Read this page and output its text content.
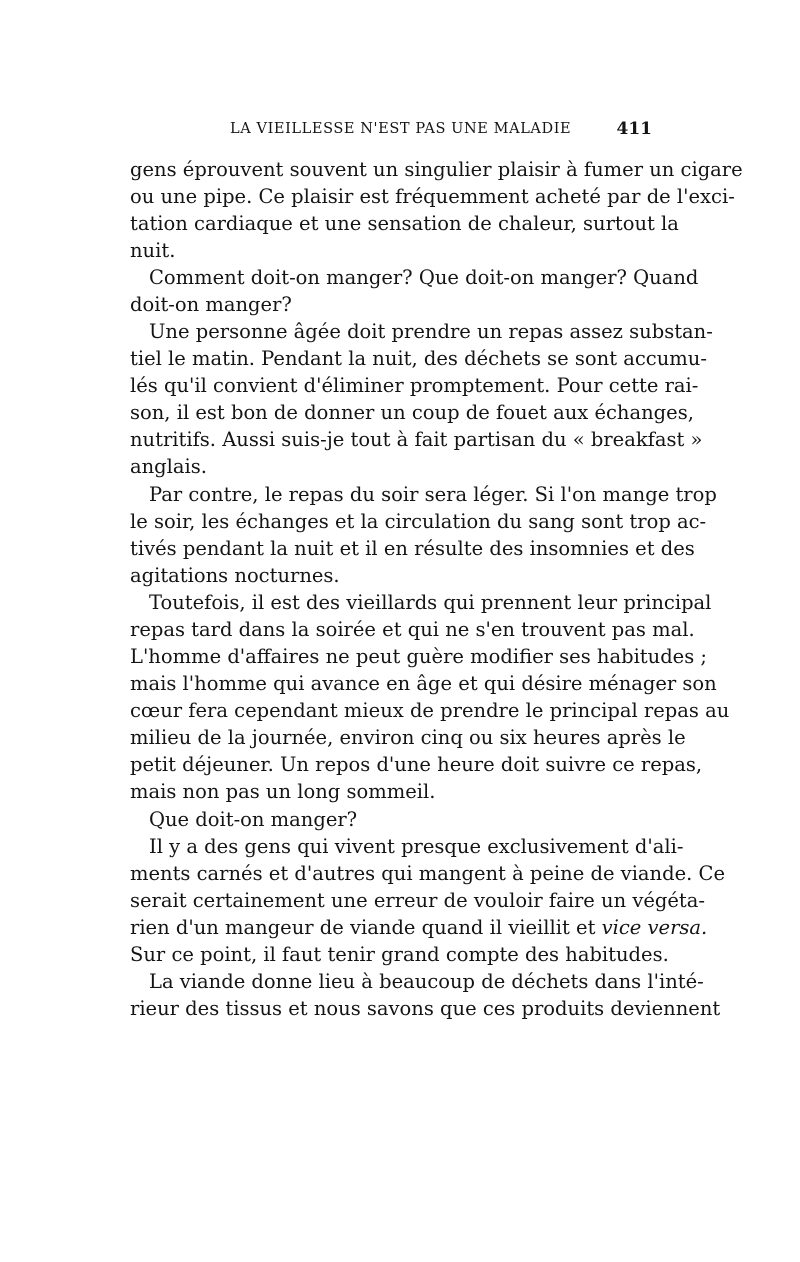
LA VIEILLESSE N'EST PAS UNE MALADIE	411
gens éprouvent souvent un singulier plaisir à fumer un cigare
ou une pipe. Ce plaisir est fréquemment acheté par de l'exci-
tation cardiaque et une sensation de chaleur, surtout la
nuit.
Comment doit-on manger? Que doit-on manger? Quand
doit-on manger?
Une personne âgée doit prendre un repas assez substan-
tiel le matin. Pendant la nuit, des déchets se sont accumu-
lés qu'il convient d'éliminer promptement. Pour cette rai-
son, il est bon de donner un coup de fouet aux échanges,
nutritifs. Aussi suis-je tout à fait partisan du « breakfast »
anglais.
Par contre, le repas du soir sera léger. Si l'on mange trop
le soir, les échanges et la circulation du sang sont trop ac-
tivés pendant la nuit et il en résulte des insomnies et des
agitations nocturnes.
Toutefois, il est des vieillards qui prennent leur principal
repas tard dans la soirée et qui ne s'en trouvent pas mal.
L'homme d'affaires ne peut guère modifier ses habitudes ;
mais l'homme qui avance en âge et qui désire ménager son
cœur fera cependant mieux de prendre le principal repas au
milieu de la journée, environ cinq ou six heures après le
petit déjeuner. Un repos d'une heure doit suivre ce repas,
mais non pas un long sommeil.
Que doit-on manger?
Il y a des gens qui vivent presque exclusivement d'ali-
ments carnés et d'autres qui mangent à peine de viande. Ce
serait certainement une erreur de vouloir faire un végéta-
rien d'un mangeur de viande quand il vieillit et vice versa.
Sur ce point, il faut tenir grand compte des habitudes.
La viande donne lieu à beaucoup de déchets dans l'inté-
rieur des tissus et nous savons que ces produits deviennent
